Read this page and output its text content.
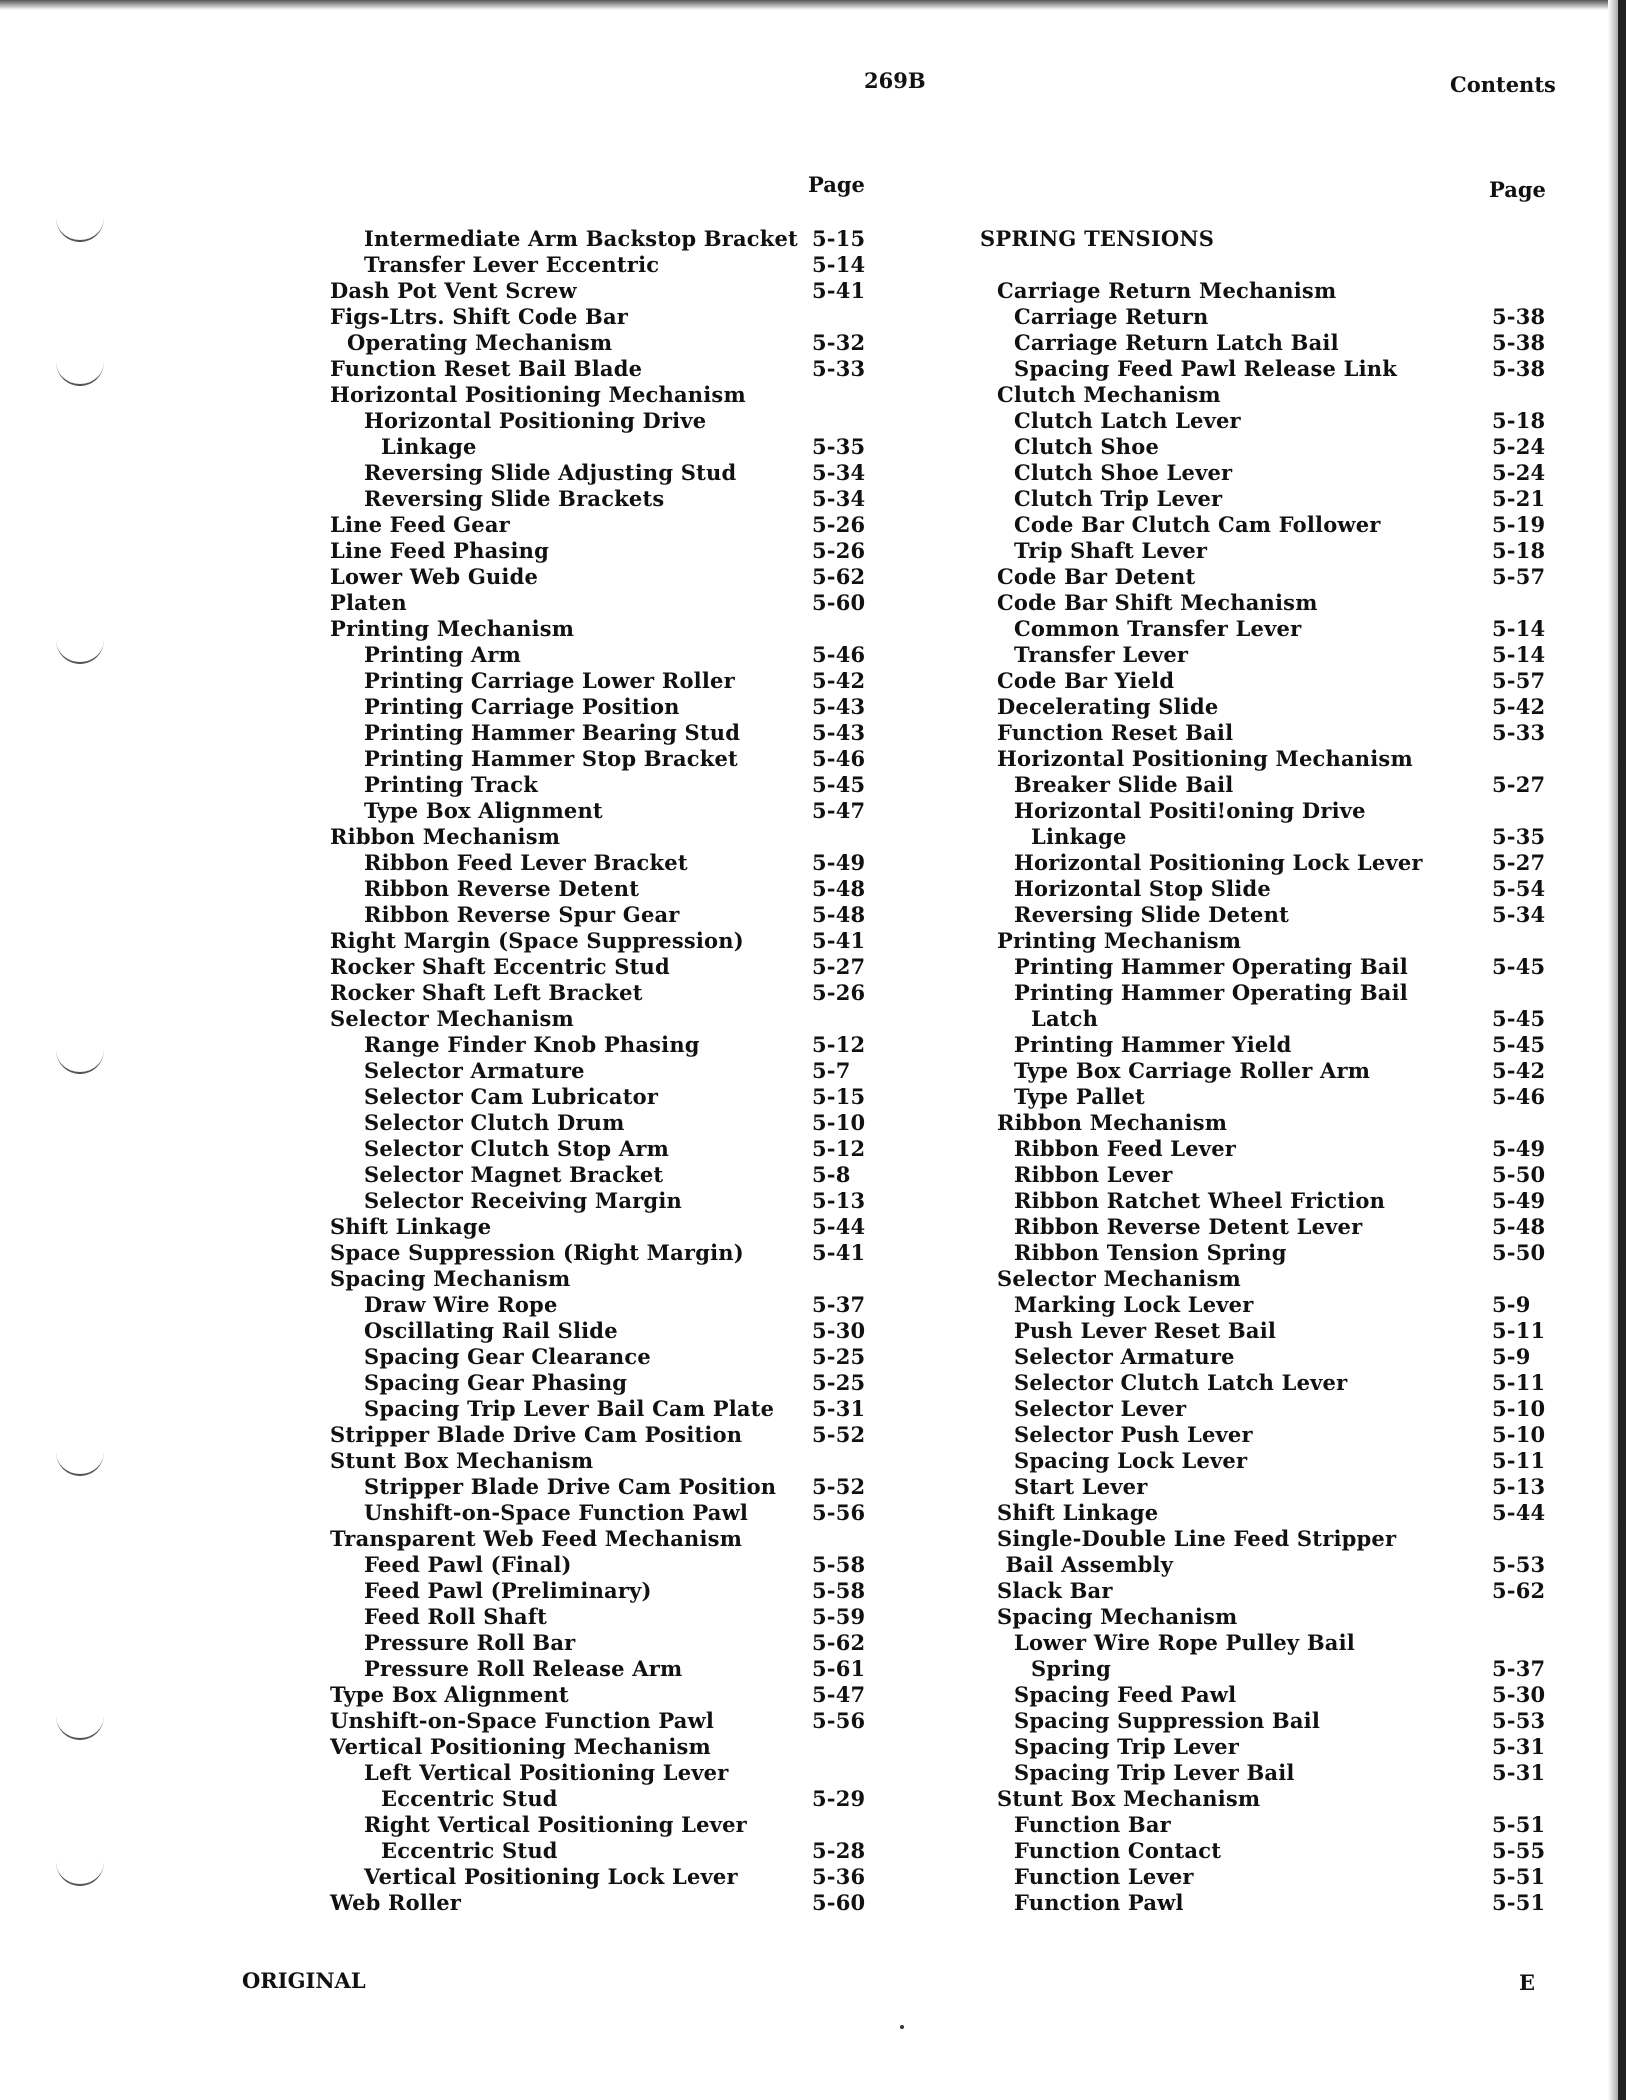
269B	Contents
Page	Page
Intermediate Arm Backstop Bracket 5-15
Transfer Lever Eccentric	5-14
Dash Pot Vent Screw	5-41
Figs-Ltrs. Shift Code Bar
Operating Mechanism	5-32
Function Reset Bail Blade	5-33
Horizontal Positioning Mechanism
Horizontal Positioning Drive
Linkage	5-35
Reversing Slide Adjusting Stud	5-34
Reversing Slide Brackets	5-34
Line Feed Gear	5-26
Line Feed Phasing	5-26
Lower Web Guide	5-62
Platen	5-60
Printing Mechanism
Printing Arm	5-46
Printing Carriage Lower Roller	5-42
Printing Carriage Position	5-43
Printing Hammer Bearing Stud	5-43
Printing Hammer Stop Bracket	5-46
Printing Track	5-45
Type Box Alignment	5-47
Ribbon Mechanism
Ribbon Feed Lever Bracket	5-49
Ribbon Reverse Detent	5-48
Ribbon Reverse Spur Gear	5-48
Right Margin (Space Suppression)	5-41
Rocker Shaft Eccentric Stud	5-27
Rocker Shaft Left Bracket	5-26
Selector Mechanism
Range Finder Knob Phasing	5-12
Selector Armature	5-7
Selector Cam Lubricator	5-15
Selector Clutch Drum	5-10
Selector Clutch Stop Arm	5-12
Selector Magnet Bracket	5-8
Selector Receiving Margin	5-13
Shift Linkage	5-44
Space Suppression (Right Margin)	5-41
Spacing Mechanism
Draw Wire Rope	5-37
Oscillating Rail Slide	5-30
Spacing Gear Clearance	5-25
Spacing Gear Phasing	5-25
Spacing Trip Lever Bail Cam Plate 5-31
Stripper Blade Drive Cam Position	5-52
Stunt Box Mechanism
Stripper Blade Drive Cam Position 5-52
Unshift-on-Space Function Pawl	5-56
Transparent Web Feed Mechanism
Feed Pawl (Final)	5-58
Feed Pawl (Preliminary)	5-58
Feed Roll Shaft	5-59
Pressure Roll Bar	5-62
Pressure Roll Release Arm	5-61
Type Box Alignment	5-47
Unshift-on-Space Function Pawl	5-56
Vertical Positioning Mechanism
Left Vertical Positioning Lever
Eccentric Stud	5-29
Right Vertical Positioning Lever
Eccentric Stud	5-28
Vertical Positioning Lock Lever	5-36
Web Roller	5-60
SPRING TENSIONS
Carriage Return Mechanism
Carriage Return	5-38
Carriage Return Latch Bail	5-38
Spacing Feed Pawl Release Link	5-38
Clutch Mechanism
Clutch Latch Lever	5-18
Clutch Shoe	5-24
Clutch Shoe Lever	5-24
Clutch Trip Lever	5-21
Code Bar Clutch Cam Follower	5-19
Trip Shaft Lever	5-18
Code Bar Detent	5-57
Code Bar Shift Mechanism
Common Transfer Lever	5-14
Transfer Lever	5-14
Code Bar Yield	5-57
Decelerating Slide	5-42
Function Reset Bail	5-33
Horizontal Positioning Mechanism
Breaker Slide Bail	5-27
Horizontal Positi!oning Drive
Linkage	5-35
Horizontal Positioning Lock Lever	5-27
Horizontal Stop Slide	5-54
Reversing Slide Detent	5-34
Printing Mechanism
Printing Hammer Operating Bail	5-45
Printing Hammer Operating Bail
Latch	5-45
Printing Hammer Yield	5-45
Type Box Carriage Roller Arm	5-42
Type Pallet	5-46
Ribbon Mechanism
Ribbon Feed Lever	5-49
Ribbon Lever	5-50
Ribbon Ratchet Wheel Friction	5-49
Ribbon Reverse Detent Lever	5-48
Ribbon Tension Spring	5-50
Selector Mechanism
Marking Lock Lever	5-9
Push Lever Reset Bail	5-11
Selector Armature	5-9
Selector Clutch Latch Lever	5-11
Selector Lever	5-10
Selector Push Lever	5-10
Spacing Lock Lever	5-11
Start Lever	5-13
Shift Linkage	5-44
Single-Double Line Feed Stripper
Bail Assembly	5-53
Slack Bar	5-62
Spacing Mechanism
Lower Wire Rope Pulley Bail
Spring	5-37
Spacing Feed Pawl	5-30
Spacing Suppression Bail	5-53
Spacing Trip Lever	5-31
Spacing Trip Lever Bail	5-31
Stunt Box Mechanism
Function Bar	5-51
Function Contact	5-55
Function Lever	5-51
Function Pawl	5-51
ORIGINAL	E
